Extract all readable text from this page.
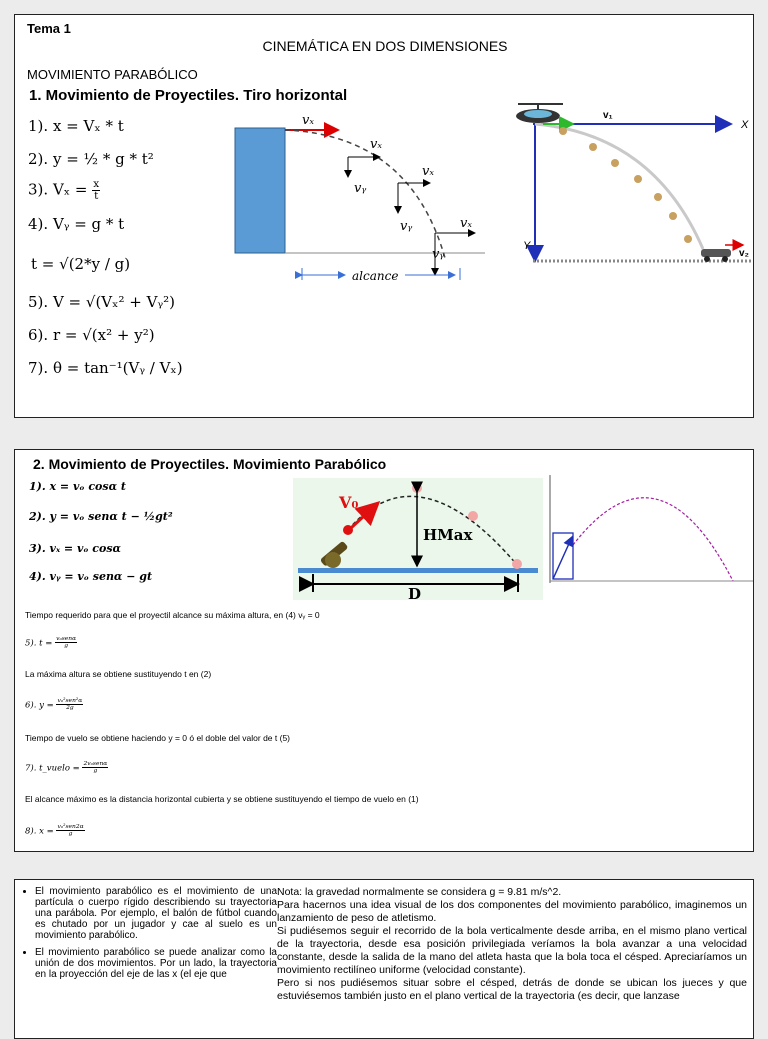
Tema 1
CINEMÁTICA EN DOS DIMENSIONES
MOVIMIENTO PARABÓLICO
1. Movimiento de Proyectiles. Tiro horizontal
1). x = Vₓ * t
2). y = ½ * g * t²
3). $V_x = \frac{x}{t}$
4). Vᵧ = g * t
t = √(2*y / g)
5). V = √(Vₓ² + Vᵧ²)
6). r = √(x² + y²)
7). θ = tan⁻¹(Vᵧ / Vₓ)
vₓ
vₓ
vᵧ
vₓ
vᵧ	vₓ
vᵧ
alcance
v₁
X
Y
v₂
2. Movimiento de Proyectiles. Movimiento Parabólico
1). x = vₒ cosα t
2). y = vₒ senα t − ½gt²
3). vₓ = vₒ cosα
4). vᵧ = vₒ senα − gt
V₀
HMax
D
Tiempo requerido para que el proyectil alcance su máxima altura, en (4) vᵧ = 0
5). $t = \frac{\text{vₒsenα}}{g}$
La máxima altura se obtiene sustituyendo t en (2)
6). $y = \frac{\text{vₒ²sen²α}}{2g}$
Tiempo de vuelo se obtiene haciendo y = 0 ó el doble del valor de t (5)
7). t_vuelo = $\frac{\text{2vₒsenα}}{g}$
El alcance máximo es la distancia horizontal cubierta y se obtiene sustituyendo el tiempo de vuelo en (1)
8). $x = \frac{\text{vₒ²sen2α}}{g}$
• El movimiento parabólico es el movimiento de una partícula o cuerpo rígido describiendo su trayectoria una parábola. Por ejemplo, el balón de fútbol cuando es chutado por un jugador y cae al suelo es un movimiento parabólico.
• El movimiento parabólico se puede analizar como la unión de dos movimientos. Por un lado, la trayectoria en la proyección del eje de las x (el eje que
Nota: la gravedad normalmente se considera g = 9.81 m/s^2.
Para hacernos una idea visual de los dos componentes del movimiento parabólico, imaginemos un lanzamiento de peso de atletismo.
Si pudiésemos seguir el recorrido de la bola verticalmente desde arriba, en el mismo plano vertical de la trayectoria, desde esa posición privilegiada veríamos la bola avanzar a una velocidad constante, desde la salida de la mano del atleta hasta que la bola toca el césped. Apreciaríamos un movimiento rectilíneo uniforme (velocidad constante).
Pero si nos pudiésemos situar sobre el césped, detrás de donde se ubican los jueces y que estuviésemos también justo en el plano vertical de la trayectoria (es decir, que lanzase
